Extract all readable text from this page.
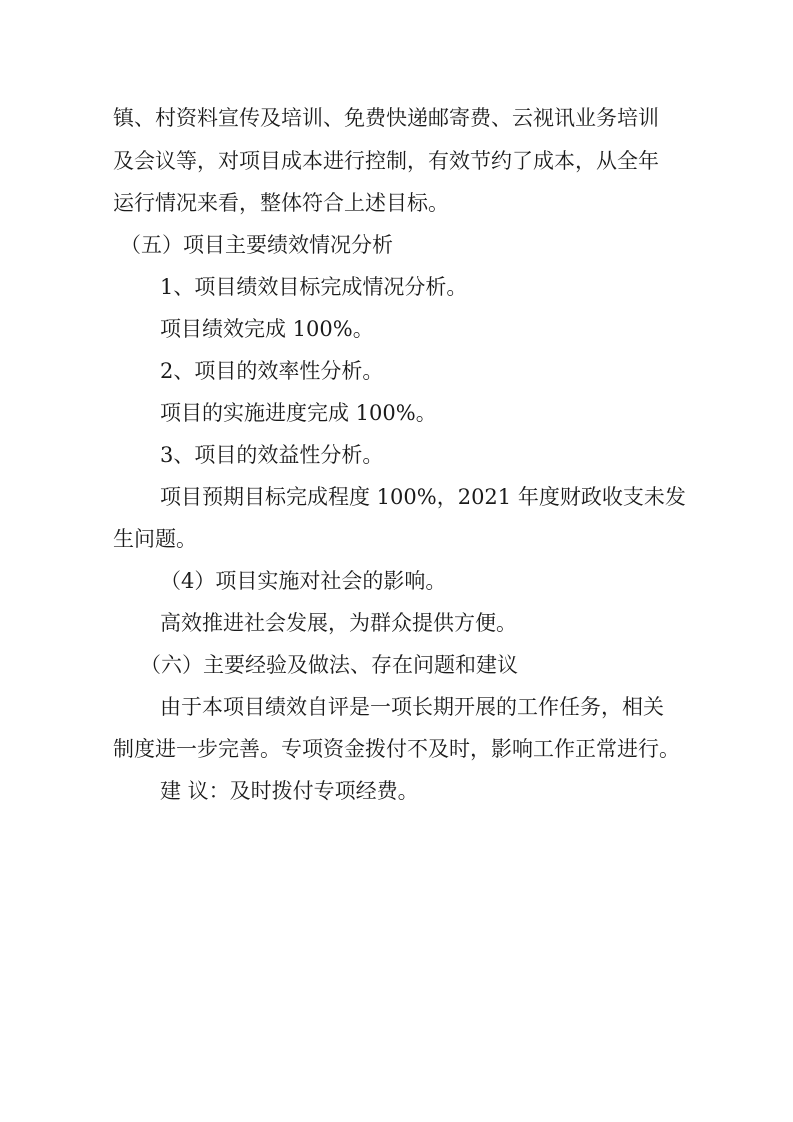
镇、村资料宣传及培训、免费快递邮寄费、云视讯业务培训
及会议等，对项目成本进行控制，有效节约了成本，从全年
运行情况来看，整体符合上述目标。
（五）项目主要绩效情况分析
1、项目绩效目标完成情况分析。
项目绩效完成 100%。
2、项目的效率性分析。
项目的实施进度完成 100%。
3、项目的效益性分析。
项目预期目标完成程度 100%，2021 年度财政收支未发
生问题。
（4）项目实施对社会的影响。
高效推进社会发展，为群众提供方便。
（六）主要经验及做法、存在问题和建议
由于本项目绩效自评是一项长期开展的工作任务，相关
制度进一步完善。专项资金拨付不及时，影响工作正常进行。
建 议：及时拨付专项经费。
